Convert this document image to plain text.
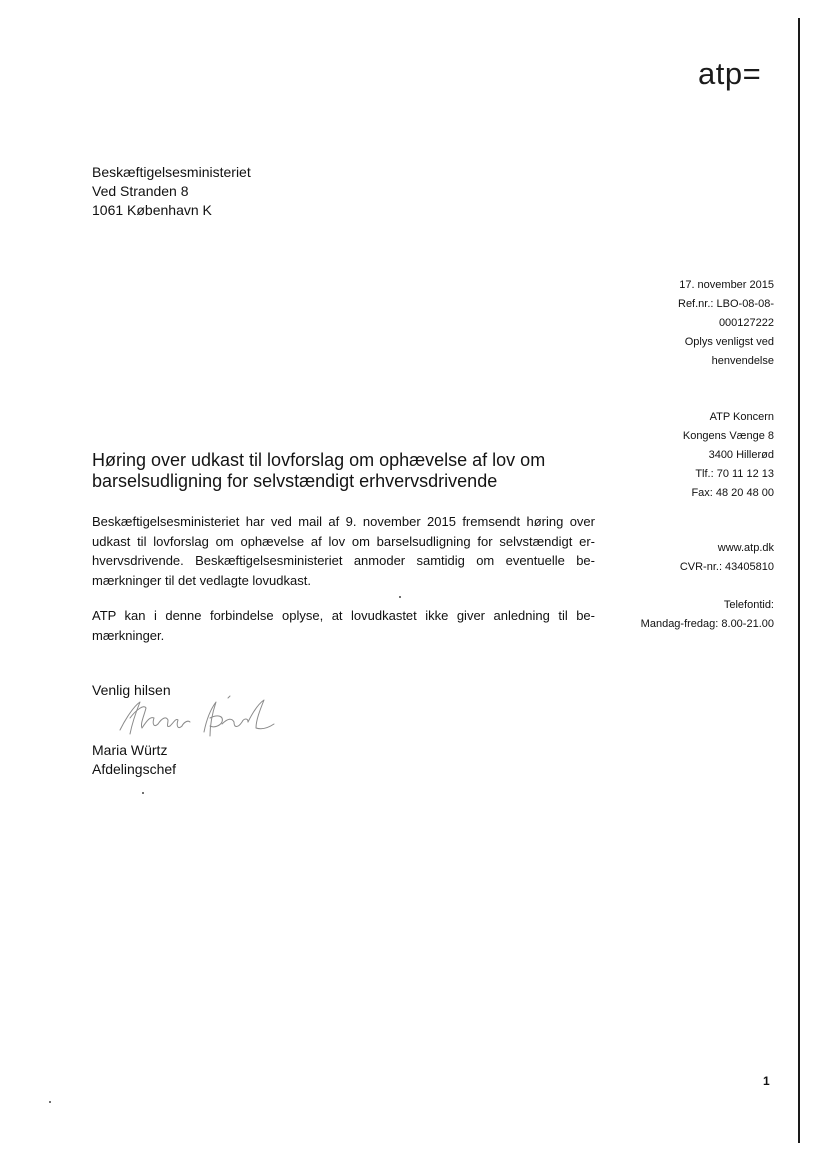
atp=
Beskæftigelsesministeriet
Ved Stranden 8
1061 København K
17. november 2015
Ref.nr.: LBO-08-08-
000127222
Oplys venligst ved
henvendelse
ATP Koncern
Kongens Vænge 8
3400 Hillerød
Tlf.: 70 11 12 13
Fax: 48 20 48 00
www.atp.dk
CVR-nr.: 43405810
Telefontid:
Mandag-fredag: 8.00-21.00
Høring over udkast til lovforslag om ophævelse af lov om
barselsudligning for selvstændigt erhvervsdrivende
Beskæftigelsesministeriet har ved mail af 9. november 2015 fremsendt høring over udkast til lovforslag om ophævelse af lov om barselsudligning for selvstændigt er-hvervsdrivende. Beskæftigelsesministeriet anmoder samtidig om eventuelle be-mærkninger til det vedlagte lovudkast.
ATP kan i denne forbindelse oplyse, at lovudkastet ikke giver anledning til be-mærkninger.
Venlig hilsen
Maria Würtz
Afdelingschef
1
